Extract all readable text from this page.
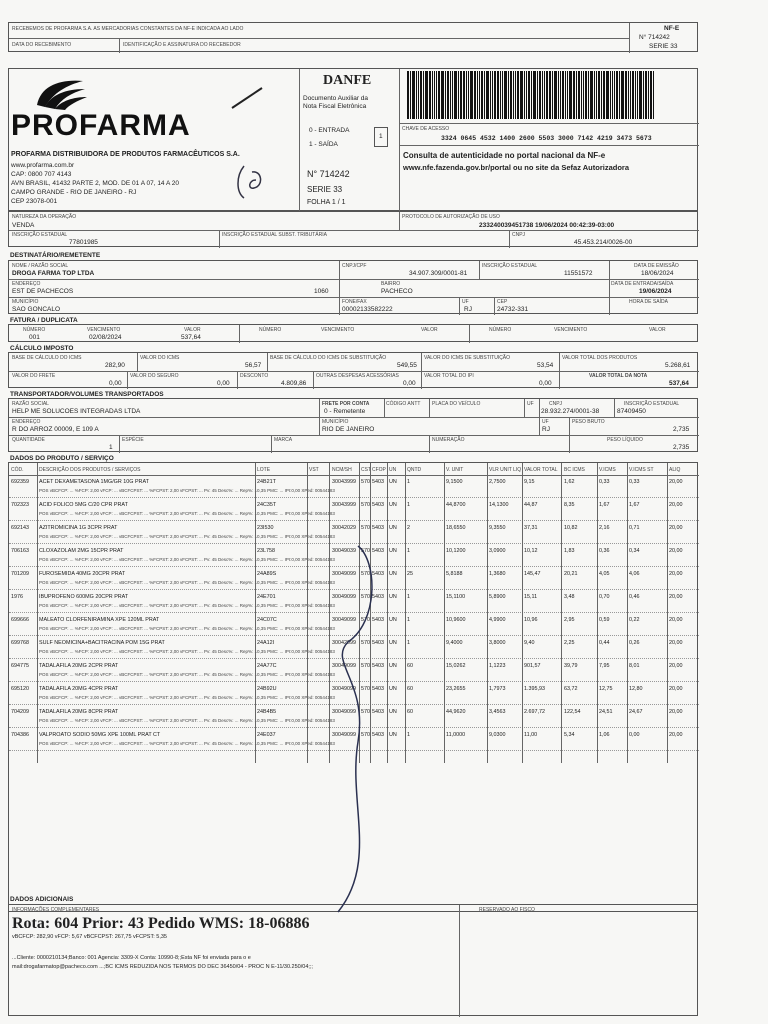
RECEBEMOS DE PROFARMA S.A. AS MERCADORIAS CONSTANTES DA NF-E INDICADA AO LADO
DATA DO RECEBIMENTO	IDENTIFICAÇÃO E ASSINATURA DO RECEBEDOR
NF-E
N° 714242
SERIE 33
PROFARMA
PROFARMA DISTRIBUIDORA DE PRODUTOS FARMACÊUTICOS S.A.
www.profarma.com.br
CAP: 0800 707 4143
AVN BRASIL, 41432 PARTE 2, MOD. DE 01 A 07, 14 A 20
CAMPO GRANDE - RIO DE JANEIRO - RJ
CEP 23078-001
DANFE
Documento Auxiliar da
Nota Fiscal Eletrônica
0 - ENTRADA
1 - SAÍDA
1
N° 714242
SERIE 33
FOLHA 1 / 1
CHAVE DE ACESSO
3324 0645 4532 1400 2600 5503 3000 7142 4219 3473 5673
Consulta de autenticidade no portal nacional da NF-e
www.nfe.fazenda.gov.br/portal ou no site da Sefaz Autorizadora
NATUREZA DA OPERAÇÃO
VENDA
PROTOCOLO DE AUTORIZAÇÃO DE USO
233240039451738 19/06/2024 00:42:39-03:00
INSCRIÇÃO ESTADUAL
77801985
INSCRIÇÃO ESTADUAL SUBST. TRIBUTÁRIA	CNPJ
45.453.214/0026-00
DESTINATÁRIO/REMETENTE
NOME / RAZÃO SOCIAL
DROGA FARMA TOP LTDA
CNPJ/CPF
34.907.309/0001-81
INSCRIÇÃO ESTADUAL
11551572
DATA DE EMISSÃO
18/06/2024
ENDEREÇO
EST DE PACHECOS	1060
BAIRRO
PACHECO
DATA DE ENTRADA/SAÍDA
19/06/2024
MUNICÍPIO
SAO GONCALO
FONE/FAX
00002133582222
UF
RJ
CEP
24732-331
HORA DE SAÍDA
FATURA / DUPLICATA
NÚMERO
001
VENCIMENTO
02/08/2024
VALOR
537,64
NÚMERO	VENCIMENTO	VALOR	NÚMERO	VENCIMENTO	VALOR
CÁLCULO IMPOSTO
BASE DE CÁLCULO DO ICMS
282,90
VALOR DO ICMS
56,57
BASE DE CÁLCULO DO ICMS DE SUBSTITUIÇÃO
549,55
VALOR DO ICMS DE SUBSTITUIÇÃO
53,54
VALOR TOTAL DOS PRODUTOS
5.268,61
VALOR DO FRETE
0,00
VALOR DO SEGURO
0,00
DESCONTO
4.809,86
OUTRAS DESPESAS ACESSÓRIAS
0,00
VALOR TOTAL DO IPI
0,00
VALOR TOTAL DA NOTA
537,64
TRANSPORTADOR/VOLUMES TRANSPORTADOS
RAZÃO SOCIAL
HELP ME SOLUCOES INTEGRADAS LTDA
FRETE POR CONTA
0 - Remetente
CÓDIGO ANTT PLACA DO VEÍCULO	UF	CNPJ
28.932.274/0001-38
INSCRIÇÃO ESTADUAL
87409450
ENDEREÇO
R DO ARROZ 00009, E 109 A
MUNICÍPIO
RIO DE JANEIRO
UF
RJ
PESO BRUTO
2,735
QUANTIDADE
1
ESPÉCIE	MARCA	NUMERAÇÃO	PESO LÍQUIDO
2,735
DADOS DO PRODUTO / SERVIÇO
CÓD.	DESCRIÇÃO DOS PRODUTOS / SERVIÇOS	LOTE	VST	NCM/SH CST CFOP UN QNTD	V. UNIT	VLR UNIT LIQ VALOR TOTAL BC ICMS	V.ICMS	V.ICMS ST	ALIQ
692359 ACET DEXAMETASONA 1MG/GR 10G PRAT	24B21T	30043999 570 5403 UN 1	9,1500	2,7500	9,15	1,62	0,33	0,33	20,00
POS vBCFCP: ... %FCP: 2,00 vFCP: ... vBCFCPST: ... %FCPST: 2,00 vFCPST: ... Pv: 45 Desc%: ... Rep%: 10,35 PMC: ... IPI:0,00 XPed: 00544183
702323 ACID FOLICO 5MG C/20 CPR PRAT	24C35T	30043999 570 5403 UN 1	44,8700	14,1300	44,87	8,35	1,67	1,67	20,00
POS vBCFCP: ... %FCP: 2,00 vFCP: ... vBCFCPST: ... %FCPST: 2,00 vFCPST: ... Pv: 45 Desc%: ... Rep%: 10,35 PMC: ... IPI:0,00 XPed: 00544183
692143 AZITROMICINA 1G 3CPR PRAT	23I530	30042029 570 5403 UN 2	18,6550	9,3550	37,31	10,82	2,16	0,71	20,00
POS vBCFCP: ... %FCP: 2,00 vFCP: ... vBCFCPST: ... %FCPST: 2,00 vFCPST: ... Pv: 45 Desc%: ... Rep%: 10,35 PMC: ... IPI:0,00 XPed: 00544183
706163 CLOXAZOLAM 2MG 15CPR PRAT	23L758	30049039 570 5403 UN 1	10,1200	3,0900	10,12	1,83	0,36	0,34	20,00
POS vBCFCP: ... %FCP: 2,00 vFCP: ... vBCFCPST: ... %FCPST: 2,00 vFCPST: ... Pv: 45 Desc%: ... Rep%: 10,35 PMC: ... IPI:0,00 XPed: 00544183
701209 FUROSEMIDA 40MG 20CPR PRAT	24A89S	30049099 570 5403 UN 25	5,8188	1,3680	145,47	20,21	4,05	4,06	20,00
POS vBCFCP: ... %FCP: 2,00 vFCP: ... vBCFCPST: ... %FCPST: 2,00 vFCPST: ... Pv: 45 Desc%: ... Rep%: 10,35 PMC: ... IPI:0,00 XPed: 00544183
1976	IBUPROFENO 600MG 20CPR PRAT	24E701	30049099 570 5403 UN 1	15,1100	5,8900	15,11	3,48	0,70	0,46	20,00
POS vBCFCP: ... %FCP: 2,00 vFCP: ... vBCFCPST: ... %FCPST: 2,00 vFCPST: ... Pv: 45 Desc%: ... Rep%: 10,35 PMC: ... IPI:0,00 XPed: 00544183
699666 MALEATO CLORFENIRAMINA XPE 120ML PRAT	24C07C	30049099 570 5403 UN 1	10,9600	4,9900	10,96	2,95	0,59	0,22	20,00
POS vBCFCP: ... %FCP: 2,00 vFCP: ... vBCFCPST: ... %FCPST: 2,00 vFCPST: ... Pv: 45 Desc%: ... Rep%: 10,35 PMC: ... IPI:0,00 XPed: 00544183
699768 SULF NEOMICINA+BACITRACINA POM 15G PRAT	24A12I	30042099 570 5403 UN 1	9,4000	3,8000	9,40	2,25	0,44	0,26	20,00
POS vBCFCP: ... %FCP: 2,00 vFCP: ... vBCFCPST: ... %FCPST: 2,00 vFCPST: ... Pv: 45 Desc%: ... Rep%: 10,35 PMC: ... IPI:0,00 XPed: 00544183
694775 TADALAFILA 20MG 2CPR PRAT	24A77C	30049099 570 5403 UN 60	15,0262	1,1223	901,57	39,79	7,95	8,01	20,00
POS vBCFCP: ... %FCP: 2,00 vFCP: ... vBCFCPST: ... %FCPST: 2,00 vFCPST: ... Pv: 45 Desc%: ... Rep%: 10,35 PMC: ... IPI:0,00 XPed: 00544183
695120 TADALAFILA 20MG 4CPR PRAT	24B92U	30049099 570 5403 UN 60	23,2655	1,7973	1.395,93	63,72	12,75	12,80	20,00
POS vBCFCP: ... %FCP: 2,00 vFCP: ... vBCFCPST: ... %FCPST: 2,00 vFCPST: ... Pv: 45 Desc%: ... Rep%: 10,35 PMC: ... IPI:0,00 XPed: 00544183
704209 TADALAFILA 20MG 8CPR PRAT	24B4B5	30049099 570 5403 UN 60	44,9620	3,4563	2.697,72	122,54	24,51	24,67	20,00
POS vBCFCP: ... %FCP: 2,00 vFCP: ... vBCFCPST: ... %FCPST: 2,00 vFCPST: ... Pv: 45 Desc%: ... Rep%: 10,35 PMC: ... IPI:0,00 XPed: 00544183
704386 VALPROATO SODIO 50MG XPE 100ML PRAT CT	24E037	30049099 570 5403 UN 1	11,0000	9,0300	11,00	5,34	1,06	0,00	20,00
POS vBCFCP: ... %FCP: 2,00 vFCP: ... vBCFCPST: ... %FCPST: 2,00 vFCPST: ... Pv: 45 Desc%: ... Rep%: 10,35 PMC: ... IPI:0,00 XPed: 00544183
DADOS ADICIONAIS
INFORMAÇÕES COMPLEMENTARES
Rota: 604 Prior: 43 Pedido WMS: 18-06886
vBCFCP: 282,90 vFCP: 5,67 vBCFCPST: 267,75 vFCPST: 5,35
...Cliente: 0000210134;Banco: 001 Agencia: 3309-X Conta: 10990-8;;Esta NF foi enviada para o e
mail:drogafarmatop@pacheco.com ...;BC ICMS REDUZIDA NOS TERMOS DO DEC 36450/04 - PROC N E-11/30.250/04;;;
RESERVADO AO FISCO
